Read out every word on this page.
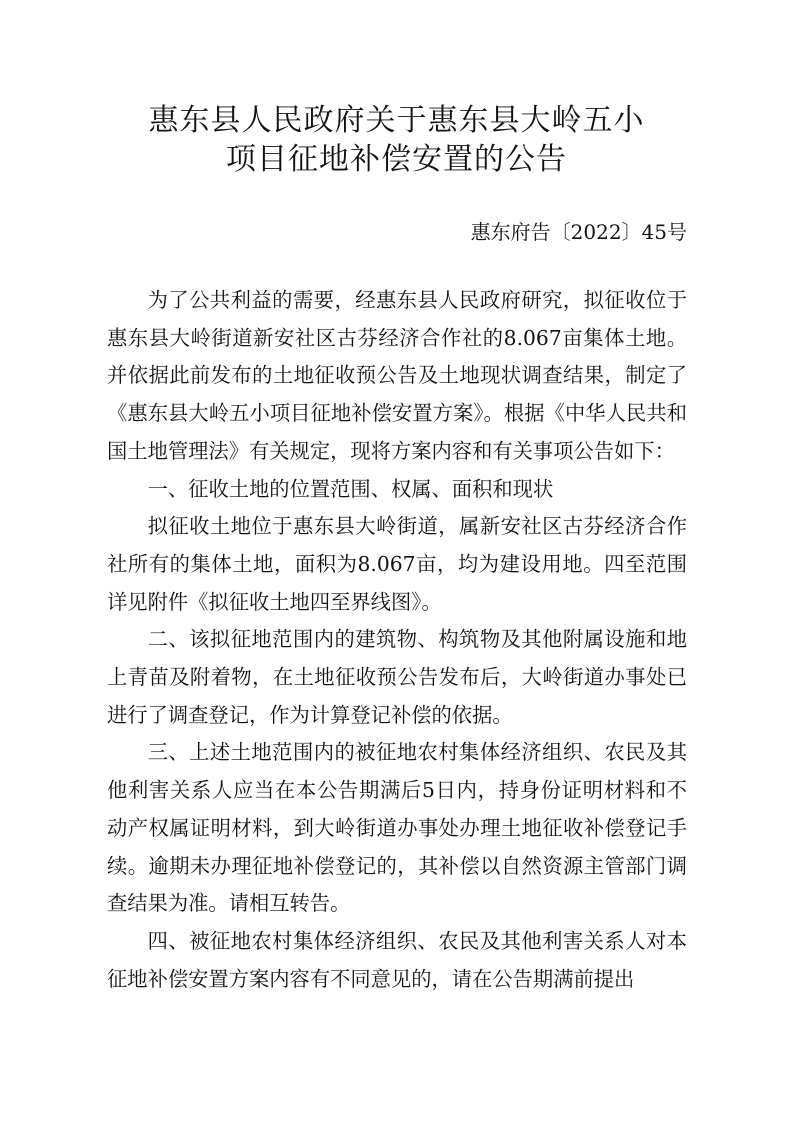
惠东县人民政府关于惠东县大岭五小
项目征地补偿安置的公告
惠东府告〔2022〕45号

为了公共利益的需要，经惠东县人民政府研究，拟征收位于惠东县大岭街道新安社区古芬经济合作社的8.067亩集体土地。并依据此前发布的土地征收预公告及土地现状调查结果，制定了《惠东县大岭五小项目征地补偿安置方案》。根据《中华人民共和国土地管理法》有关规定，现将方案内容和有关事项公告如下：

一、征收土地的位置范围、权属、面积和现状

拟征收土地位于惠东县大岭街道，属新安社区古芬经济合作社所有的集体土地，面积为8.067亩，均为建设用地。四至范围详见附件《拟征收土地四至界线图》。

二、该拟征地范围内的建筑物、构筑物及其他附属设施和地上青苗及附着物，在土地征收预公告发布后，大岭街道办事处已进行了调查登记，作为计算登记补偿的依据。

三、上述土地范围内的被征地农村集体经济组织、农民及其他利害关系人应当在本公告期满后5日内，持身份证明材料和不动产权属证明材料，到大岭街道办事处办理土地征收补偿登记手续。逾期未办理征地补偿登记的，其补偿以自然资源主管部门调查结果为准。请相互转告。

四、被征地农村集体经济组织、农民及其他利害关系人对本征地补偿安置方案内容有不同意见的，请在公告期满前提出
